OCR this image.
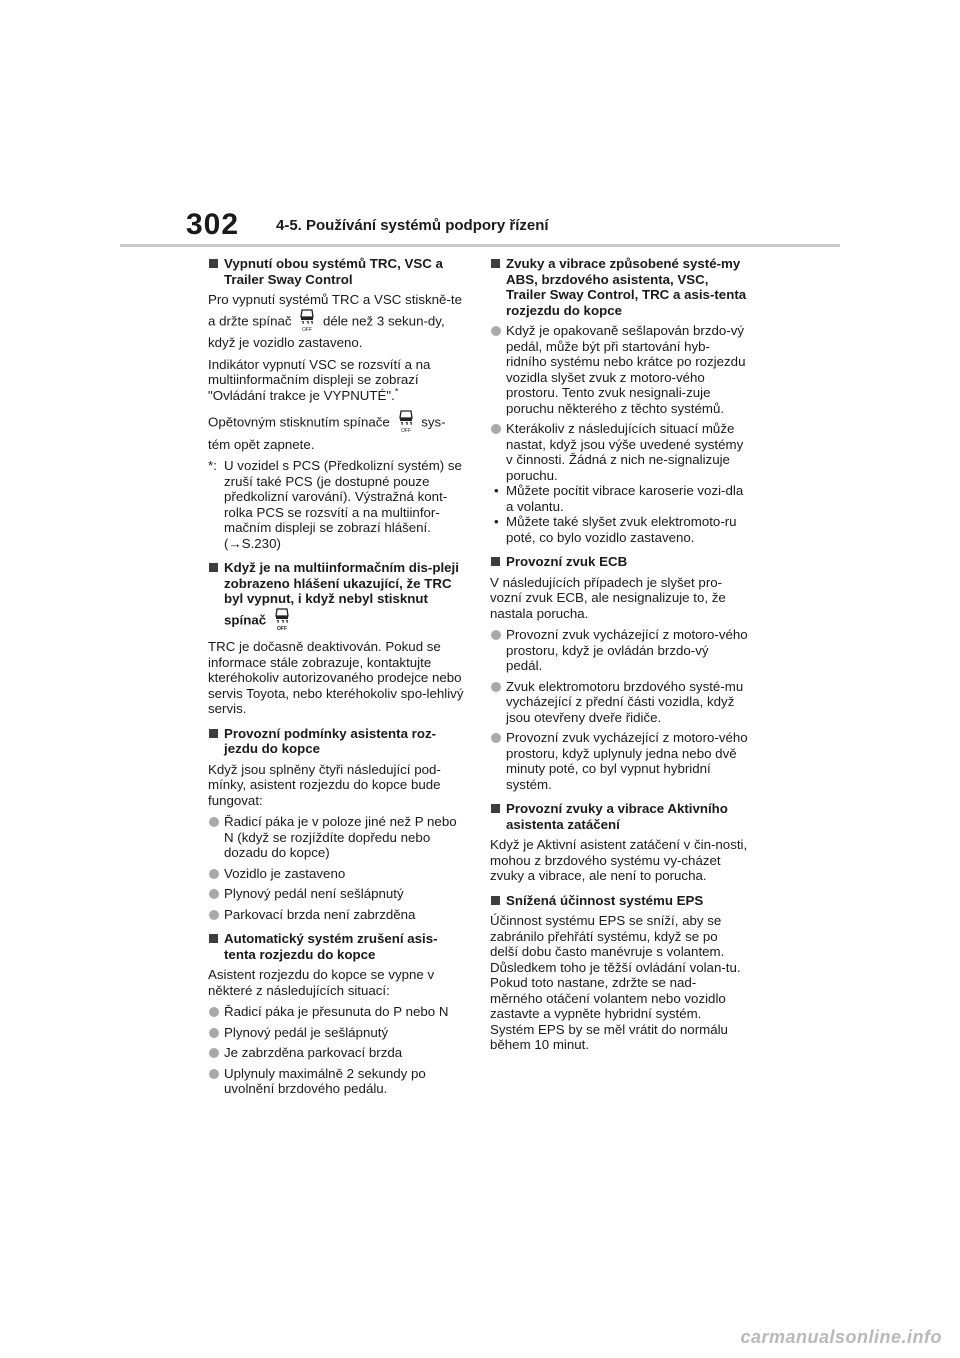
302 4-5. Používání systémů podpory řízení
Vypnutí obou systémů TRC, VSC a Trailer Sway Control
Pro vypnutí systémů TRC a VSC stiskně-te a držte spínač
OFF
déle než 3 sekun-dy, když je vozidlo zastaveno.
Indikátor vypnutí VSC se rozsvítí a na multiinformačním displeji se zobrazí "Ovládání trakce je VYPNUTÉ".*
Opětovným stisknutím spínače
OFF
sys-tém opět zapnete.
*: U vozidel s PCS (Předkolizní systém) se zruší také PCS (je dostupné pouze předkolizní varování). Výstražná kont-rolka PCS se rozsvítí a na multiinfor-mačním displeji se zobrazí hlášení. (→S.230)
Když je na multiinformačním dis-pleji zobrazeno hlášení ukazující, že TRC byl vypnut, i když nebyl stisknut spínač
OFF
TRC je dočasně deaktivován. Pokud se informace stále zobrazuje, kontaktujte kteréhokoliv autorizovaného prodejce nebo servis Toyota, nebo kteréhokoliv spo-lehlivý servis.
Provozní podmínky asistenta roz-jezdu do kopce
Když jsou splněny čtyři následující pod-mínky, asistent rozjezdu do kopce bude fungovat:
Řadicí páka je v poloze jiné než P nebo N (když se rozjíždíte dopředu nebo dozadu do kopce)
Vozidlo je zastaveno
Plynový pedál není sešlápnutý
Parkovací brzda není zabrzděna
Automatický systém zrušení asis-tenta rozjezdu do kopce
Asistent rozjezdu do kopce se vypne v některé z následujících situací:
Řadicí páka je přesunuta do P nebo N
Plynový pedál je sešlápnutý
Je zabrzděna parkovací brzda
Uplynuly maximálně 2 sekundy po uvolnění brzdového pedálu.
Zvuky a vibrace způsobené systé-my ABS, brzdového asistenta, VSC, Trailer Sway Control, TRC a asis-tenta rozjezdu do kopce
Když je opakovaně sešlapován brzdo-vý pedál, může být při startování hyb-ridního systému nebo krátce po rozjezdu vozidla slyšet zvuk z motoro-vého prostoru. Tento zvuk nesignali-zuje poruchu některého z těchto systémů.
Kterákoliv z následujících situací může nastat, když jsou výše uvedené systémy v činnosti. Žádná z nich ne-signalizuje poruchu.
• Můžete pocítit vibrace karoserie vozi-dla a volantu.
• Můžete také slyšet zvuk elektromoto-ru poté, co bylo vozidlo zastaveno.
Provozní zvuk ECB
V následujících případech je slyšet pro-vozní zvuk ECB, ale nesignalizuje to, že nastala porucha.
Provozní zvuk vycházející z motoro-vého prostoru, když je ovládán brzdo-vý pedál.
Zvuk elektromotoru brzdového systé-mu vycházející z přední části vozidla, když jsou otevřeny dveře řidiče.
Provozní zvuk vycházející z motoro-vého prostoru, když uplynuly jedna nebo dvě minuty poté, co byl vypnut hybridní systém.
Provozní zvuky a vibrace Aktivního asistenta zatáčení
Když je Aktivní asistent zatáčení v čin-nosti, mohou z brzdového systému vy-cházet zvuky a vibrace, ale není to porucha.
Snížená účinnost systému EPS
Účinnost systému EPS se sníží, aby se zabránilo přehřátí systému, když se po delší dobu často manévruje s volantem. Důsledkem toho je těžší ovládání volan-tu. Pokud toto nastane, zdržte se nad-měrného otáčení volantem nebo vozidlo zastavte a vypněte hybridní systém. Systém EPS by se měl vrátit do normálu během 10 minut.
carmanualsonline.info
